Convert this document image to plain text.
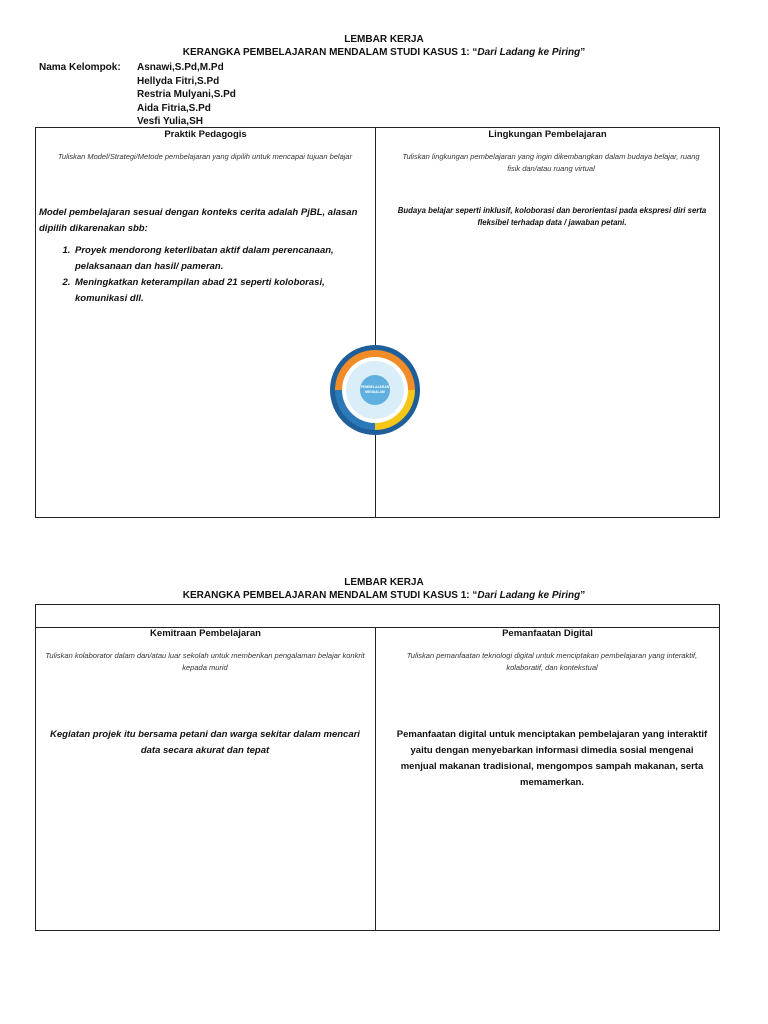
LEMBAR KERJA
KERANGKA PEMBELAJARAN MENDALAM STUDI KASUS 1: “Dari Ladang ke Piring”
Nama Kelompok: Asnawi,S.Pd,M.Pd
Hellyda Fitri,S.Pd
Restria Mulyani,S.Pd
Aida Fitria,S.Pd
Vesfi Yulia,SH
Praktik Pedagogis
Tuliskan Model/Strategi/Metode pembelajaran yang dipilih untuk mencapai tujuan belajar
Model pembelajaran sesuai dengan konteks cerita adalah PjBL, alasan dipilih dikarenakan sbb:
1. Proyek mendorong keterlibatan aktif dalam perencanaan, pelaksanaan dan hasil/ pameran.
2. Meningkatkan keterampilan abad 21 seperti koloborasi, komunikasi dll.
Lingkungan Pembelajaran
Tuliskan lingkungan pembelajaran yang ingin dikembangkan dalam budaya belajar, ruang fisik dan/atau ruang virtual
Budaya belajar seperti inklusif, koloborasi dan berorientasi pada ekspresi diri serta fleksibel terhadap data / jawaban petani.
PEMBELAJARAN
MENDALAM
LEMBAR KERJA
KERANGKA PEMBELAJARAN MENDALAM STUDI KASUS 1: “Dari Ladang ke Piring”
Kemitraan Pembelajaran
Tuliskan kolaborator dalam dan/atau luar sekolah untuk memberikan pengalaman belajar konkrit kepada murid
Kegiatan projek itu bersama petani dan warga sekitar dalam mencari data secara akurat dan tepat
Pemanfaatan Digital
Tuliskan pemanfaatan teknologi digital untuk menciptakan pembelajaran yang interaktif, kolaboratif, dan kontekstual
Pemanfaatan digital untuk menciptakan pembelajaran yang interaktif yaitu dengan menyebarkan informasi dimedia sosial mengenai menjual makanan tradisional, mengompos sampah makanan, serta memamerkan.
